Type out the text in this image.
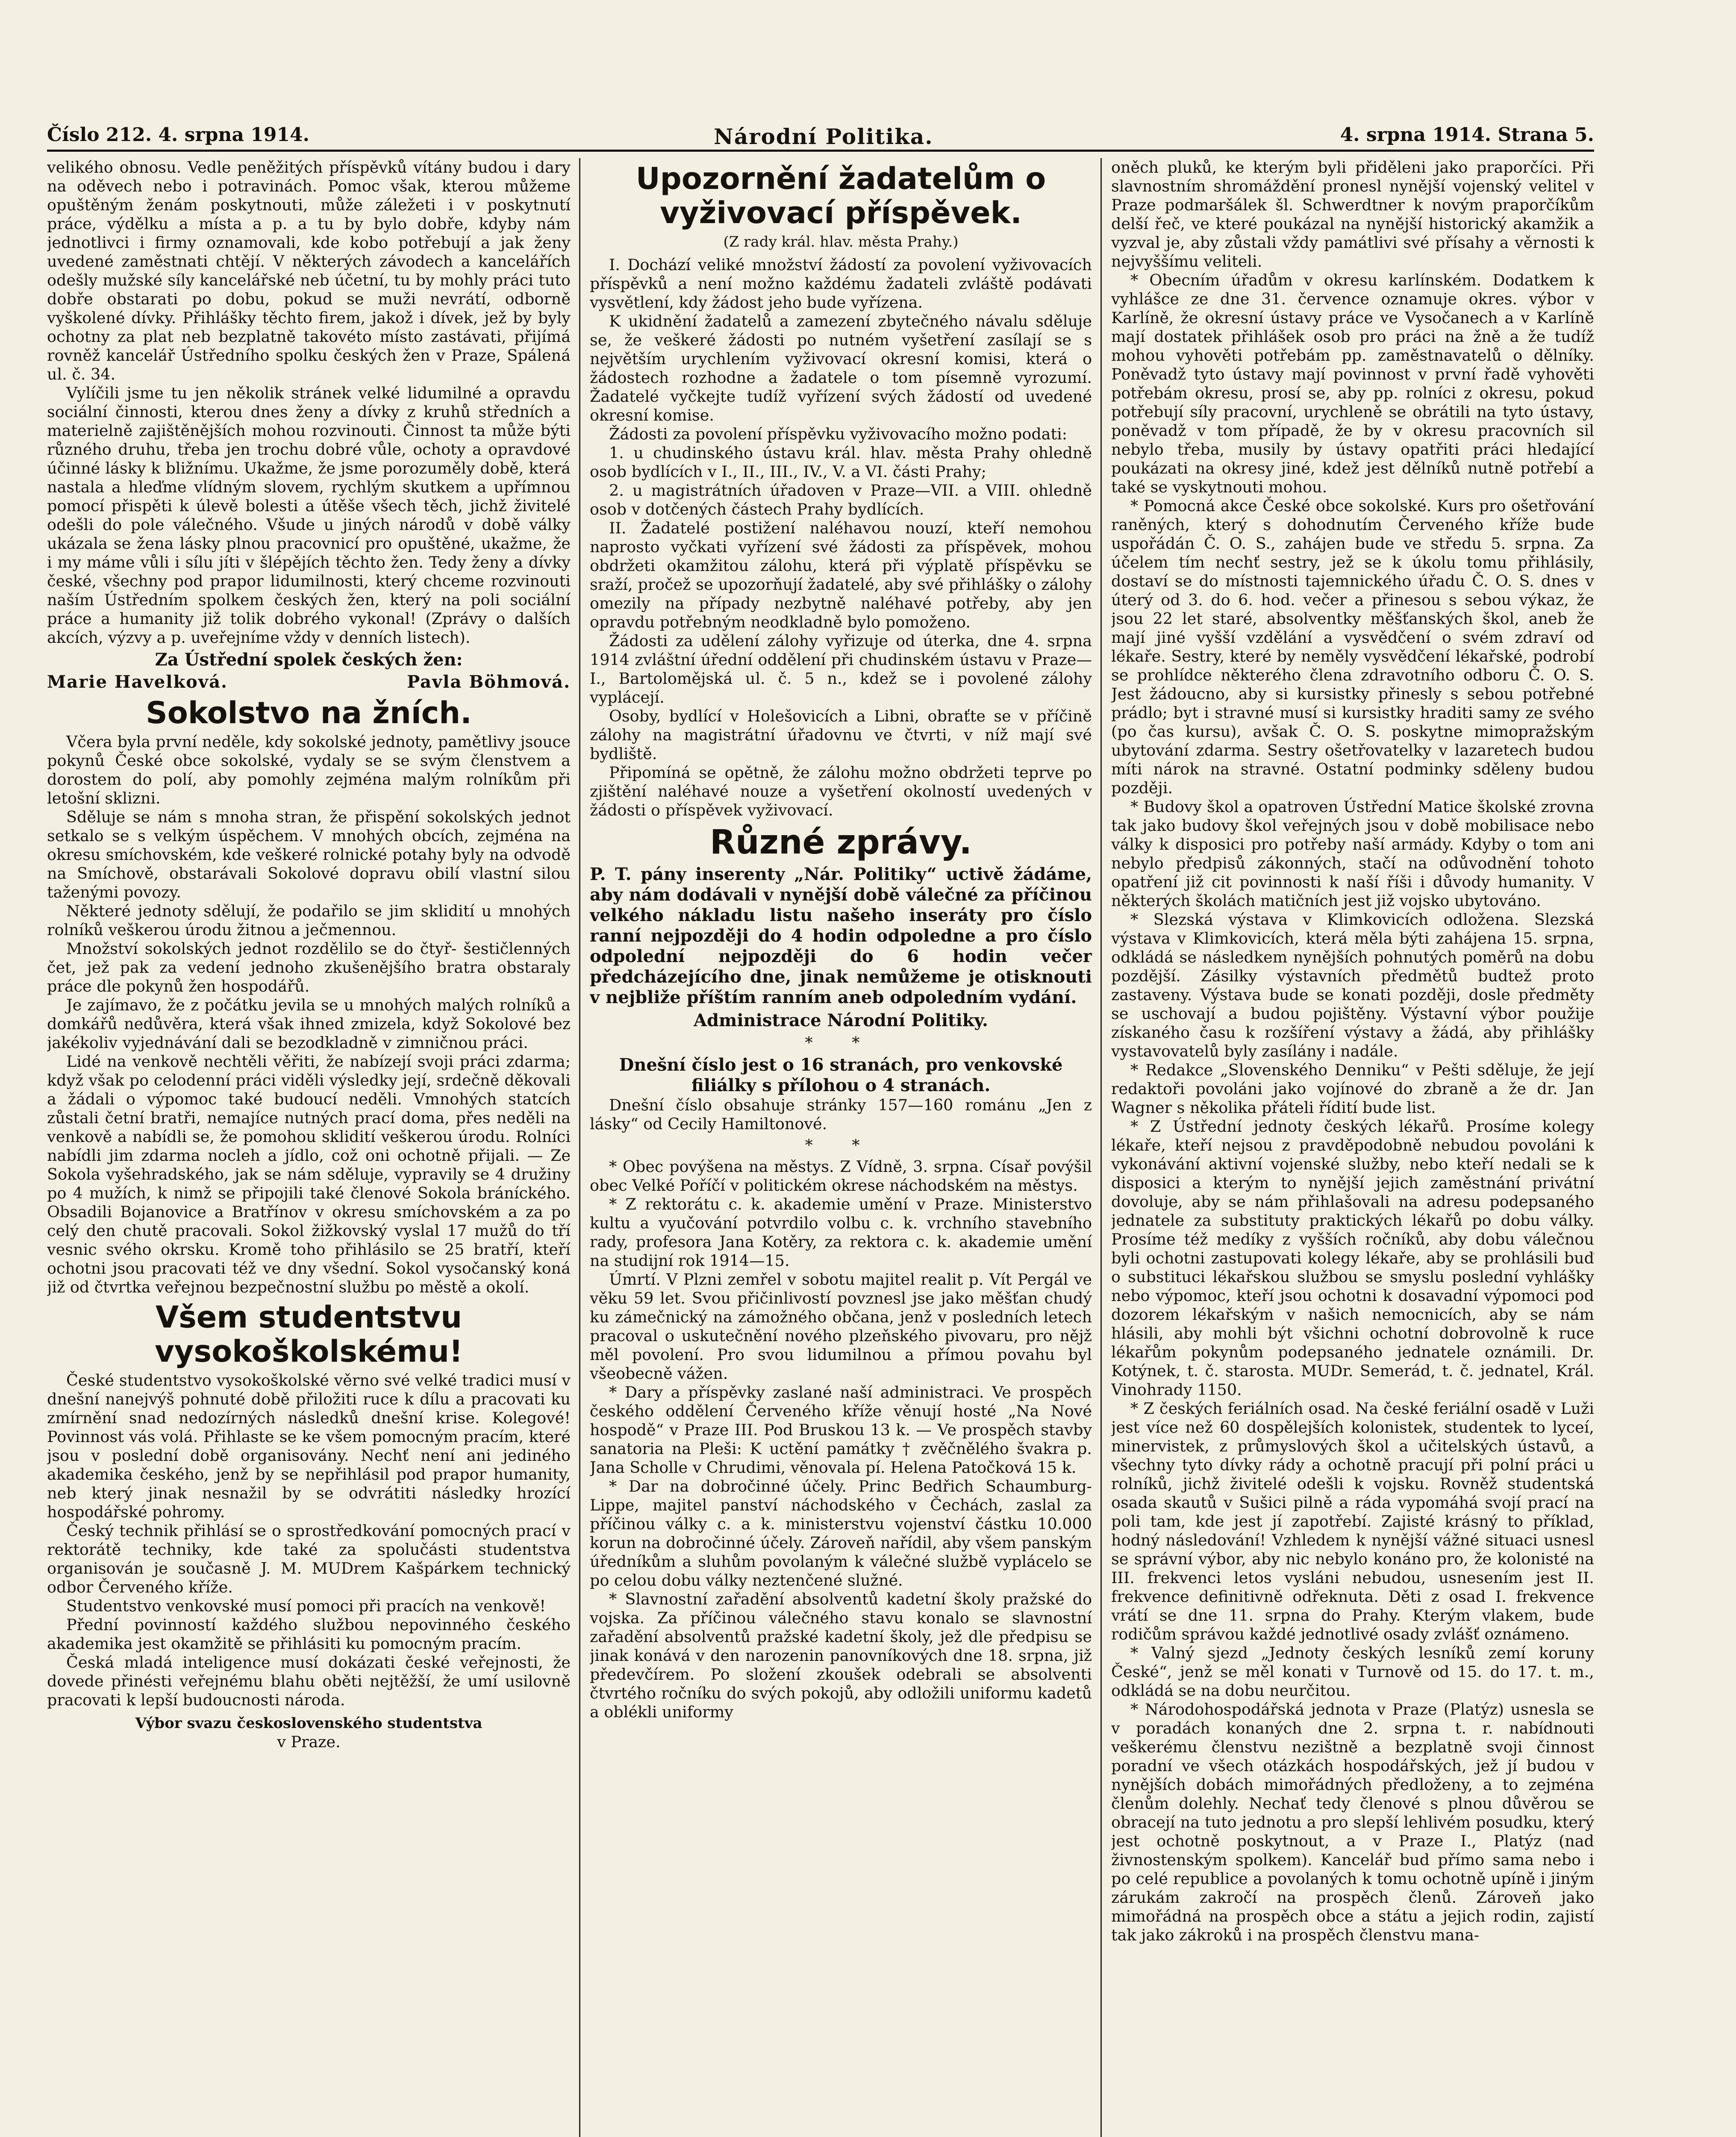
Číslo 212. 4. srpna 1914.	Národní Politika.	4. srpna 1914. Strana 5.

velikého obnosu. Vedle peněžitých příspěvků vítány budou i dary na oděvech nebo i potravinách. Pomoc však, kterou můžeme opuštěným ženám poskytnouti, může záležeti i v poskytnutí práce, výdělku a místa a p. a tu by bylo dobře, kdyby nám jednotlivci i firmy oznamovali, kde kobo potřebují a jak ženy uvedené zaměstnati chtějí. V některých závodech a kancelářích odešly mužské síly kancelářské neb účetní, tu by mohly práci tuto dobře obstarati po dobu, pokud se muži nevrátí, odborně vyškolené dívky. Přihlášky těchto firem, jakož i dívek, jež by byly ochotny za plat neb bezplatně takovéto místo zastávati, přijímá rovněž kancelář Ústředního spolku českých žen v Praze, Spálená ul. č. 34.

Vylíčili jsme tu jen několik stránek velké lidumilné a opravdu sociální činnosti, kterou dnes ženy a dívky z kruhů středních a materielně zajištěnějších mohou rozvinouti. Činnost ta může býti různého druhu, třeba jen trochu dobré vůle, ochoty a opravdové účinné lásky k bližnímu. Ukažme, že jsme porozuměly době, která nastala a hleďme vlídným slovem, rychlým skutkem a upřímnou pomocí přispěti k úlevě bolesti a útěše všech těch, jichž živitelé odešli do pole válečného. Všude u jiných národů v době války ukázala se žena lásky plnou pracovnicí pro opuštěné, ukažme, že i my máme vůli i sílu jíti v šlépějích těchto žen. Tedy ženy a dívky české, všechny pod prapor lidumilnosti, který chceme rozvinouti naším Ústředním spolkem českých žen, který na poli sociální práce a humanity již tolik dobrého vykonal! (Zprávy o dalších akcích, výzvy a p. uveřejníme vždy v denních listech).

Za Ústřední spolek českých žen:
Marie Havelková.	Pavla Böhmová.
Sokolstvo na žních.

Včera byla první neděle, kdy sokolské jednoty, pamětlivy jsouce pokynů České obce sokolské, vydaly se se svým členstvem a dorostem do polí, aby pomohly zejména malým rolníkům při letošní sklizni.

Sděluje se nám s mnoha stran, že přispění sokolských jednot setkalo se s velkým úspěchem. V mnohých obcích, zejména na okresu smíchovském, kde veškeré rolnické potahy byly na odvodě na Smíchově, obstarávali Sokolové dopravu obilí vlastní silou taženými povozy.

Některé jednoty sdělují, že podařilo se jim sklidití u mnohých rolníků veškerou úrodu žitnou a ječmennou.

Množství sokolských jednot rozdělilo se do čtyř- šestičlenných čet, jež pak za vedení jednoho zkušenějšího bratra obstaraly práce dle pokynů žen hospodářů.

Je zajímavo, že z počátku jevila se u mnohých malých rolníků a domkářů nedůvěra, která však ihned zmizela, když Sokolové bez jakékoliv vyjednávání dali se bezodkladně v zimničnou práci.

Lidé na venkově nechtěli věřiti, že nabízejí svoji práci zdarma; když však po celodenní práci viděli výsledky její, srdečně děkovali a žádali o výpomoc také budoucí neděli. Vmnohých statcích zůstali četní bratři, nemajíce nutných prací doma, přes neděli na venkově a nabídli se, že pomohou sklidití veškerou úrodu. Rolníci nabídli jim zdarma nocleh a jídlo, což oni ochotně přijali. — Ze Sokola vyšehradského, jak se nám sděluje, vypravily se 4 družiny po 4 mužích, k nimž se připojili také členové Sokola bráníckého. Obsadili Bojanovice a Bratřínov v okresu smíchovském a za po celý den chutě pracovali. Sokol žižkovský vyslal 17 mužů do tří vesnic svého okrsku. Kromě toho přihlásilo se 25 bratří, kteří ochotni jsou pracovati též ve dny všední. Sokol vysočanský koná již od čtvrtka veřejnou bezpečnostní službu po městě a okolí.

Všem studentstvu vysokoškolskému!

České studentstvo vysokoškolské věrno své velké tradici musí v dnešní nanejvýš pohnuté době přiložiti ruce k dílu a pracovati ku zmírnění snad nedozírných následků dnešní krise. Kolegové! Povinnost vás volá. Přihlaste se ke všem pomocným pracím, které jsou v poslední době organisovány. Nechť není ani jediného akademika českého, jenž by se nepřihlásil pod prapor humanity, neb který jinak nesnažil by se odvrátiti následky hrozící hospodářské pohromy.

Český technik přihlásí se o sprostředkování pomocných prací v rektorátě techniky, kde také za spolučásti studentstva organisován je současně J. M. MUDrem Kašpárkem technický odbor Červeného kříže.

Studentstvo venkovské musí pomoci při pracích na venkově!

Přední povinností každého službou nepovinného českého akademika jest okamžitě se přihlásiti ku pomocným pracím.

Česká mladá inteligence musí dokázati české veřejnosti, že dovede přinésti veřejnému blahu oběti nejtěžší, že umí usilovně pracovati k lepší budoucnosti národa.

Výbor svazu československého studentstva
v Praze.
Upozornění žadatelům o vyživovací příspěvek.
(Z rady král. hlav. města Prahy.)

I. Dochází veliké množství žádostí za povolení vyživovacích příspěvků a není možno každému žadateli zvláště podávati vysvětlení, kdy žádost jeho bude vyřízena.

K ukidnění žadatelů a zamezení zbytečného návalu sděluje se, že veškeré žádosti po nutném vyšetření zasílají se s největším urychlením vyživovací okresní komisi, která o žádostech rozhodne a žadatele o tom písemně vyrozumí. Žadatelé vyčkejte tudíž vyřízení svých žádostí od uvedené okresní komise.

Žádosti za povolení příspěvku vyživovacího možno podati:

1. u chudinského ústavu král. hlav. města Prahy ohledně osob bydlících v I., II., III., IV., V. a VI. části Prahy;

2. u magistrátních úřadoven v Praze—VII. a VIII. ohledně osob v dotčených částech Prahy bydlících.

II. Žadatelé postižení naléhavou nouzí, kteří nemohou naprosto vyčkati vyřízení své žádosti za příspěvek, mohou obdržeti okamžitou zálohu, která při výplatě příspěvku se sraží, pročež se upozorňují žadatelé, aby své přihlášky o zálohy omezily na případy nezbytně naléhavé potřeby, aby jen opravdu potřebným neodkladně bylo pomoženo.

Žádosti za udělení zálohy vyřizuje od úterka, dne 4. srpna 1914 zvláštní úřední oddělení při chudinském ústavu v Praze—I., Bartolomějská ul. č. 5 n., kdež se i povolené zálohy vyplácejí.

Osoby, bydlící v Holešovicích a Libni, obraťte se v příčině zálohy na magistrátní úřadovnu ve čtvrti, v níž mají své bydliště.

Připomíná se opětně, že zálohu možno obdržeti teprve po zjištění naléhavé nouze a vyšetření okolností uvedených v žádosti o příspěvek vyživovací.

Různé zprávy.
P. T. pány inserenty „Nár. Politiky“ uctivě žádáme, aby nám dodávali v nynější době válečné za příčinou velkého nákladu listu našeho inseráty pro číslo ranní nejpozději do 4 hodin odpoledne a pro číslo odpolední nejpozději do 6 hodin večer předcházejícího dne, jinak nemůžeme je otisknouti v nejbliže příštím ranním aneb odpoledním vydání.
Administrace Národní Politiky.
* *
Dnešní číslo jest o 16 stranách, pro venkovské filiálky s přílohou o 4 stranách.

Dnešní číslo obsahuje stránky 157—160 románu „Jen z lásky“ od Cecily Hamiltonové.

* *

* Obec povýšena na městys. Z Vídně, 3. srpna. Císař povýšil obec Velké Poříčí v politickém okrese náchodském na městys.

* Z rektorátu c. k. akademie umění v Praze. Ministerstvo kultu a vyučování potvrdilo volbu c. k. vrchního stavebního rady, profesora Jana Kotěry, za rektora c. k. akademie umění na studijní rok 1914—15.

Úmrtí. V Plzni zemřel v sobotu majitel realit p. Vít Pergál ve věku 59 let. Svou přičinlivostí povznesl jse jako měšťan chudý ku zámečnický na zámožného občana, jenž v posledních letech pracoval o uskutečnění nového plzeňského pivovaru, pro nějž měl povolení. Pro svou lidumilnou a přímou povahu byl všeobecně vážen.

* Dary a příspěvky zaslané naší administraci. Ve prospěch českého oddělení Červeného kříže věnují hosté „Na Nové hospodě“ v Praze III. Pod Bruskou 13 k. — Ve prospěch stavby sanatoria na Pleši: K uctění památky † zvěčnělého švakra p. Jana Scholle v Chrudimi, věnovala pí. Helena Patočková 15 k.

* Dar na dobročinné účely. Princ Bedřich Schaumburg-Lippe, majitel panství náchodského v Čechách, zaslal za příčinou války c. a k. ministerstvu vojenství částku 10.000 korun na dobročinné účely. Zároveň nařídil, aby všem panským úředníkům a sluhům povolaným k válečné službě vyplácelo se po celou dobu války neztenčené služné.

* Slavnostní zařadění absolventů kadetní školy pražské do vojska. Za příčinou válečného stavu konalo se slavnostní zařadění absolventů pražské kadetní školy, jež dle předpisu se jinak konává v den narozenin panovníkových dne 18. srpna, již předevčírem. Po složení zkoušek odebrali se absolventi čtvrtého ročníku do svých pokojů, aby odložili uniformu kadetů a oblékli uniformy

oněch pluků, ke kterým byli přiděleni jako praporčíci. Při slavnostním shromáždění pronesl nynější vojenský velitel v Praze podmaršálek šl. Schwerdtner k novým praporčíkům delší řeč, ve které poukázal na nynější historický akamžik a vyzval je, aby zůstali vždy památlivi své přísahy a věrnosti k nejvyššímu veliteli.

* Obecním úřadům v okresu karlínském. Dodatkem k vyhlášce ze dne 31. července oznamuje okres. výbor v Karlíně, že okresní ústavy práce ve Vysočanech a v Karlíně mají dostatek přihlášek osob pro práci na žně a že tudíž mohou vyhověti potřebám pp. zaměstnavatelů o dělníky. Poněvadž tyto ústavy mají povinnost v první řadě vyhověti potřebám okresu, prosí se, aby pp. rolníci z okresu, pokud potřebují síly pracovní, urychleně se obrátili na tyto ústavy, poněvadž v tom případě, že by v okresu pracovních sil nebylo třeba, musily by ústavy opatřiti práci hledající poukázati na okresy jiné, kdež jest dělníků nutně potřebí a také se vyskytnouti mohou.

* Pomocná akce České obce sokolské. Kurs pro ošetřování raněných, který s dohodnutím Červeného kříže bude uspořádán Č. O. S., zahájen bude ve středu 5. srpna. Za účelem tím nechť sestry, jež se k úkolu tomu přihlásily, dostaví se do místnosti tajemnického úřadu Č. O. S. dnes v úterý od 3. do 6. hod. večer a přinesou s sebou výkaz, že jsou 22 let staré, absolventky měšťanských škol, aneb že mají jiné vyšší vzdělání a vysvědčení o svém zdraví od lékaře. Sestry, které by neměly vysvědčení lékařské, podrobí se prohlídce některého člena zdravotního odboru Č. O. S. Jest žádoucno, aby si kursistky přinesly s sebou potřebné prádlo; byt i stravné musí si kursistky hraditi samy ze svého (po čas kursu), avšak Č. O. S. poskytne mimopražským ubytování zdarma. Sestry ošetřovatelky v lazaretech budou míti nárok na stravné. Ostatní podminky sděleny budou později.

* Budovy škol a opatroven Ústřední Matice školské zrovna tak jako budovy škol veřejných jsou v době mobilisace nebo války k disposici pro potřeby naší armády. Kdyby o tom ani nebylo předpisů zákonných, stačí na odůvodnění tohoto opatření již cit povinnosti k naší říši i důvody humanity. V některých školách matičních jest již vojsko ubytováno.

* Slezská výstava v Klimkovicích odložena. Slezská výstava v Klimkovicích, která měla býti zahájena 15. srpna, odkládá se následkem nynějších pohnutých poměrů na dobu pozdější. Zásilky výstavních předmětů budtež proto zastaveny. Výstava bude se konati později, dosle předměty se uschovají a budou pojištěny. Výstavní výbor použije získaného času k rozšíření výstavy a žádá, aby přihlášky vystavovatelů byly zasílány i nadále.

* Redakce „Slovenského Denniku“ v Pešti sděluje, že její redaktoři povoláni jako vojínové do zbraně a že dr. Jan Wagner s několika přáteli řídití bude list.

* Z Ústřední jednoty českých lékařů. Prosíme kolegy lékaře, kteří nejsou z pravděpodobně nebudou povoláni k vykonávání aktivní vojenské služby, nebo kteří nedali se k disposici a kterým to nynější jejich zaměstnání privátní dovoluje, aby se nám přihlašovali na adresu podepsaného jednatele za substituty praktických lékařů po dobu války. Prosíme též medíky z vyšších ročníků, aby dobu válečnou byli ochotni zastupovati kolegy lékaře, aby se prohlásili buď o substituci lékařskou službou se smyslu poslední vyhlášky nebo výpomoc, kteří jsou ochotni k dosavadní výpomoci pod dozorem lékařským v našich nemocnicích, aby se nám hlásili, aby mohli být všichni ochotní dobrovolně k ruce lékařům pokynům podepsaného jednatele oznámili. Dr. Kotýnek, t. č. starosta. MUDr. Semerád, t. č. jednatel, Král. Vinohrady 1150.

* Z českých feriálních osad. Na české feriální osadě v Luži jest více než 60 dospělejších kolonistek, studentek to lyceí, minervistek, z průmyslových škol a učitelských ústavů, a všechny tyto dívky rády a ochotně pracují při polní práci u rolníků, jichž živitelé odešli k vojsku. Rovněž studentská osada skautů v Sušici pilně a ráda vypomáhá svojí prací na poli tam, kde jest jí zapotřebí. Zajisté krásný to příklad, hodný následování! Vzhledem k nynější vážné situaci usnesl se správní výbor, aby nic nebylo konáno pro, že kolonisté na III. frekvenci letos vysláni nebudou, usnesením jest II. frekvence definitivně odřeknuta. Děti z osad I. frekvence vrátí se dne 11. srpna do Prahy. Kterým vlakem, bude rodičům správou každé jednotlivé osady zvlášť oznámeno.

* Valný sjezd „Jednoty českých lesníků zemí koruny České“, jenž se měl konati v Turnově od 15. do 17. t. m., odkládá se na dobu neurčitou.

* Národohospodářská jednota v Praze (Platýz) usnesla se v poradách konaných dne 2. srpna t. r. nabídnouti veškerému členstvu nezištně a bezplatně svoji činnost poradní ve všech otázkách hospodářských, jež jí budou v nynějších dobách mimořádných předloženy, a to zejména členům dolehly. Nechať tedy členové s plnou důvěrou se obracejí na tuto jednotu a pro slepší lehlivém posudku, který jest ochotně poskytnout, a v Praze I., Platýz (nad živnostenským spolkem). Kancelář bud přímo sama nebo i po celé republice a povolaných k tomu ochotně upíně i jiným zárukám zakročí na prospěch členů. Zároveň jako mimořádná na prospěch obce a státu a jejich rodin, zajistí tak jako zákroků i na prospěch členstvu mana-
